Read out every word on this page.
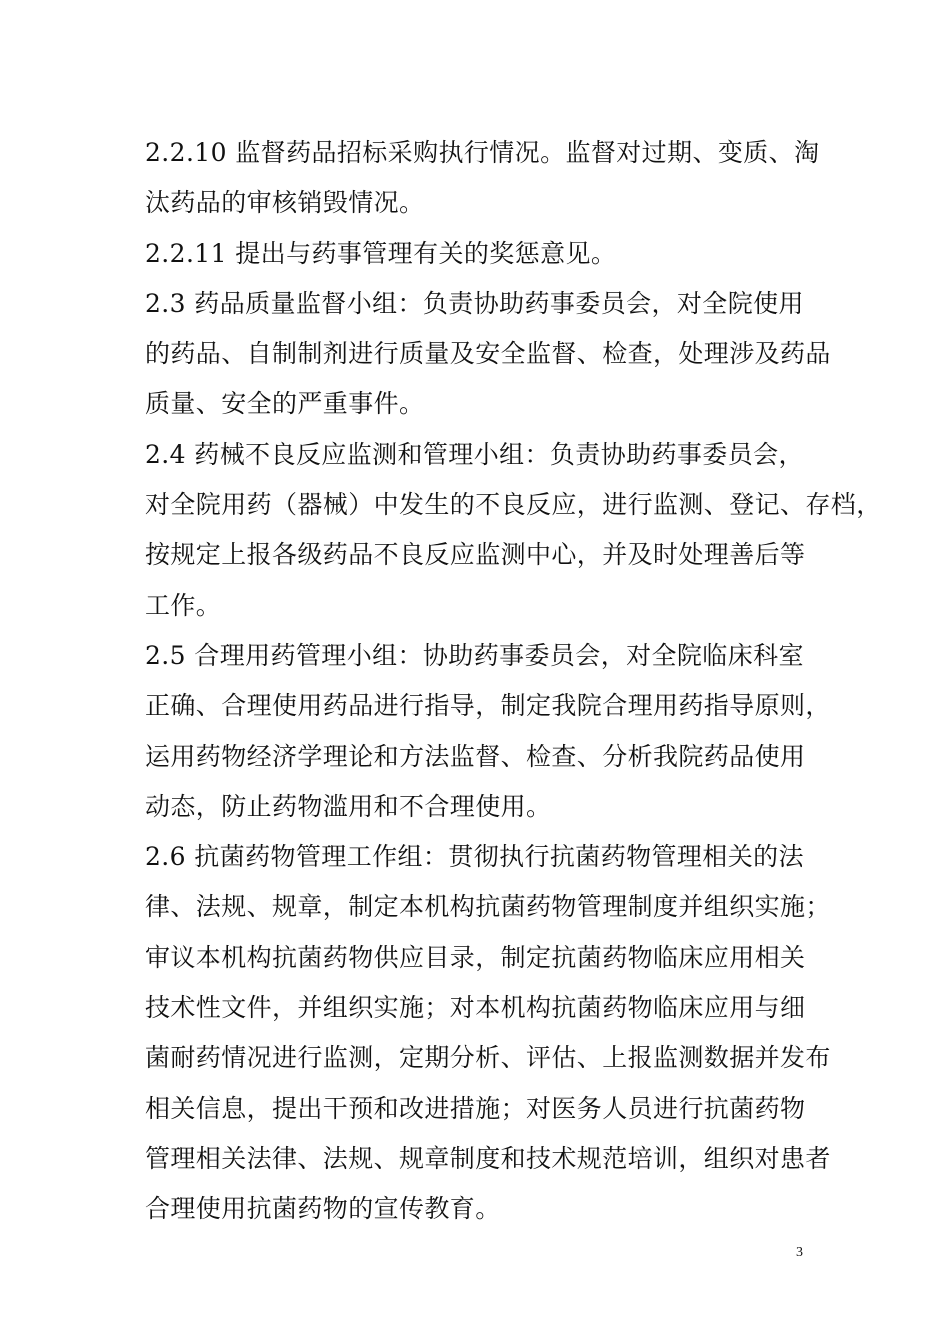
2.2.10 监督药品招标采购执行情况。监督对过期、变质、淘
汰药品的审核销毁情况。
2.2.11 提出与药事管理有关的奖惩意见。
2.3 药品质量监督小组：负责协助药事委员会，对全院使用
的药品、自制制剂进行质量及安全监督、检查，处理涉及药品
质量、安全的严重事件。
2.4 药械不良反应监测和管理小组：负责协助药事委员会，
对全院用药（器械）中发生的不良反应，进行监测、登记、存档，
按规定上报各级药品不良反应监测中心，并及时处理善后等
工作。
2.5 合理用药管理小组：协助药事委员会，对全院临床科室
正确、合理使用药品进行指导，制定我院合理用药指导原则，
运用药物经济学理论和方法监督、检查、分析我院药品使用
动态，防止药物滥用和不合理使用。
2.6 抗菌药物管理工作组：贯彻执行抗菌药物管理相关的法
律、法规、规章，制定本机构抗菌药物管理制度并组织实施；
审议本机构抗菌药物供应目录，制定抗菌药物临床应用相关
技术性文件，并组织实施；对本机构抗菌药物临床应用与细
菌耐药情况进行监测，定期分析、评估、上报监测数据并发布
相关信息，提出干预和改进措施；对医务人员进行抗菌药物
管理相关法律、法规、规章制度和技术规范培训，组织对患者
合理使用抗菌药物的宣传教育。
3
